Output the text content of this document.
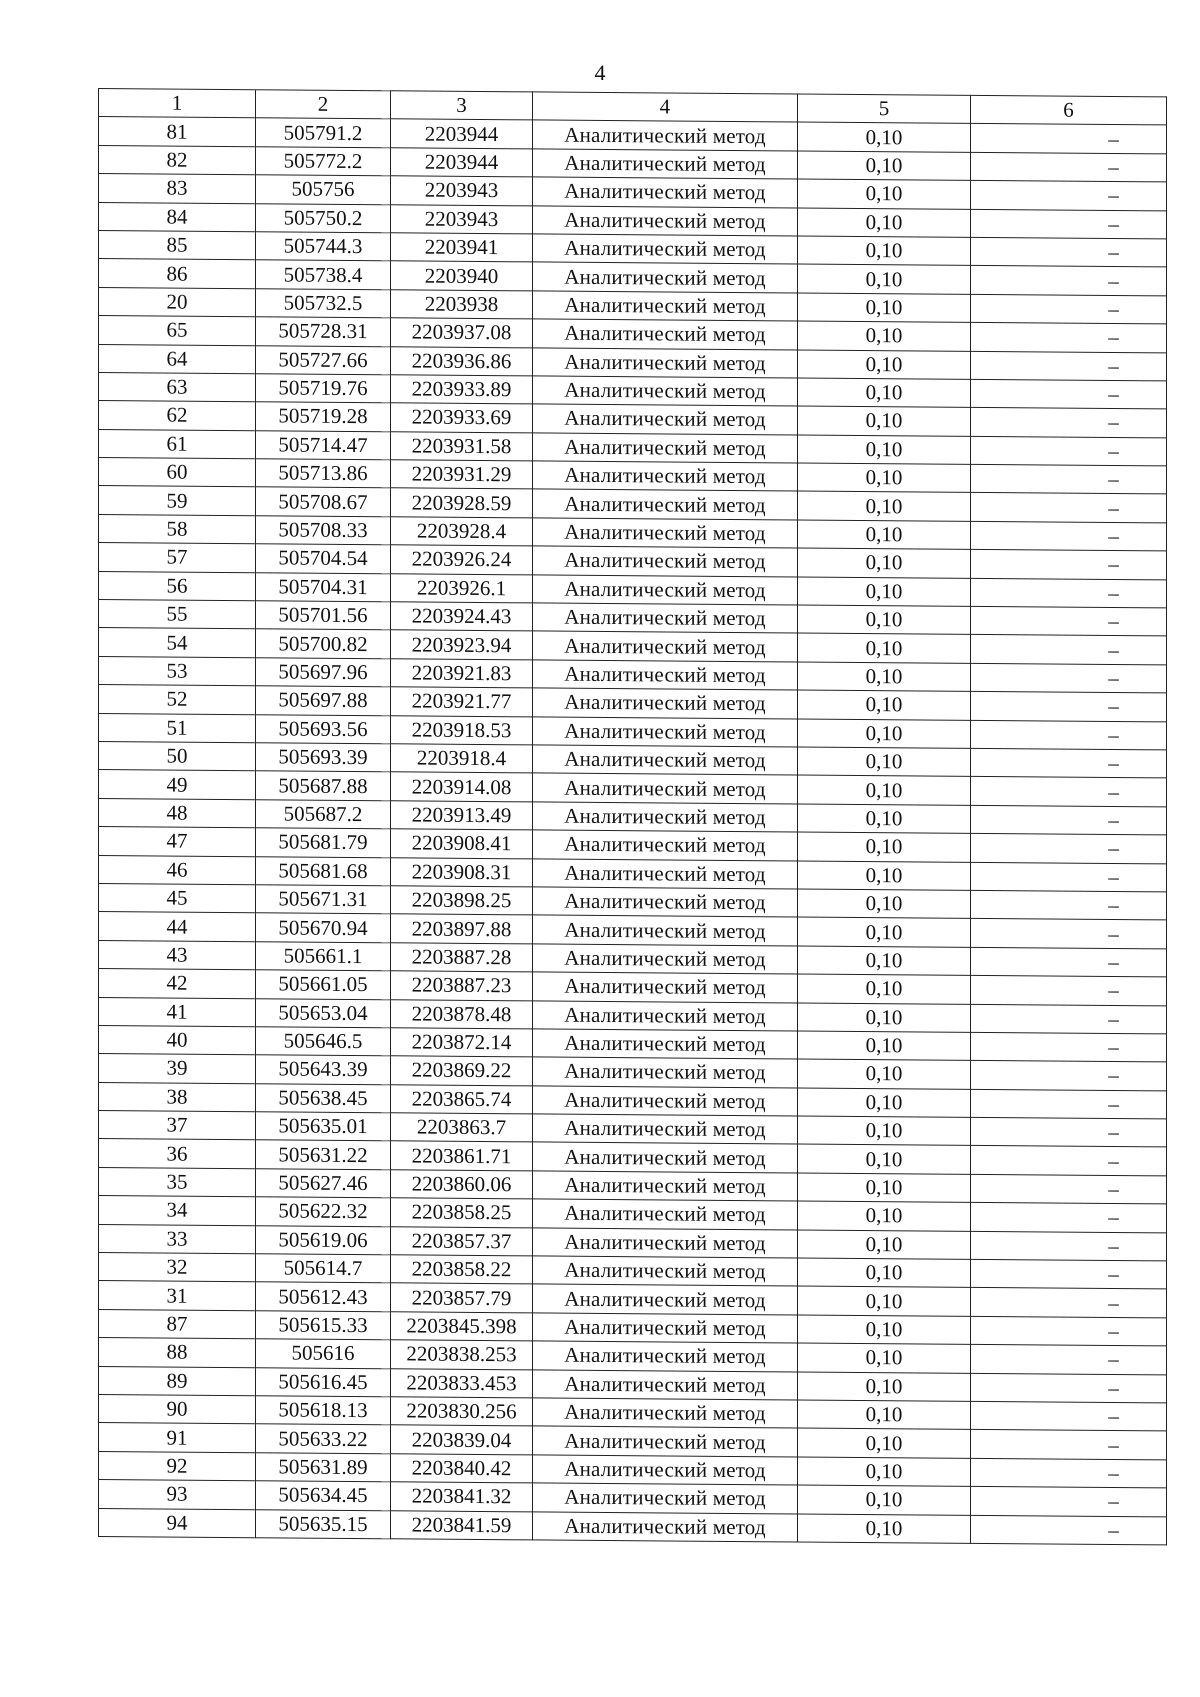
4
1	2	3	4	5	6
81	505791.2	2203944	Аналитический метод	0,10	–
82	505772.2	2203944	Аналитический метод	0,10	–
83	505756	2203943	Аналитический метод	0,10	–
84	505750.2	2203943	Аналитический метод	0,10	–
85	505744.3	2203941	Аналитический метод	0,10	–
86	505738.4	2203940	Аналитический метод	0,10	–
20	505732.5	2203938	Аналитический метод	0,10	–
65	505728.31	2203937.08	Аналитический метод	0,10	–
64	505727.66	2203936.86	Аналитический метод	0,10	–
63	505719.76	2203933.89	Аналитический метод	0,10	–
62	505719.28	2203933.69	Аналитический метод	0,10	–
61	505714.47	2203931.58	Аналитический метод	0,10	–
60	505713.86	2203931.29	Аналитический метод	0,10	–
59	505708.67	2203928.59	Аналитический метод	0,10	–
58	505708.33	2203928.4	Аналитический метод	0,10	–
57	505704.54	2203926.24	Аналитический метод	0,10	–
56	505704.31	2203926.1	Аналитический метод	0,10	–
55	505701.56	2203924.43	Аналитический метод	0,10	–
54	505700.82	2203923.94	Аналитический метод	0,10	–
53	505697.96	2203921.83	Аналитический метод	0,10	–
52	505697.88	2203921.77	Аналитический метод	0,10	–
51	505693.56	2203918.53	Аналитический метод	0,10	–
50	505693.39	2203918.4	Аналитический метод	0,10	–
49	505687.88	2203914.08	Аналитический метод	0,10	–
48	505687.2	2203913.49	Аналитический метод	0,10	–
47	505681.79	2203908.41	Аналитический метод	0,10	–
46	505681.68	2203908.31	Аналитический метод	0,10	–
45	505671.31	2203898.25	Аналитический метод	0,10	–
44	505670.94	2203897.88	Аналитический метод	0,10	–
43	505661.1	2203887.28	Аналитический метод	0,10	–
42	505661.05	2203887.23	Аналитический метод	0,10	–
41	505653.04	2203878.48	Аналитический метод	0,10	–
40	505646.5	2203872.14	Аналитический метод	0,10	–
39	505643.39	2203869.22	Аналитический метод	0,10	–
38	505638.45	2203865.74	Аналитический метод	0,10	–
37	505635.01	2203863.7	Аналитический метод	0,10	–
36	505631.22	2203861.71	Аналитический метод	0,10	–
35	505627.46	2203860.06	Аналитический метод	0,10	–
34	505622.32	2203858.25	Аналитический метод	0,10	–
33	505619.06	2203857.37	Аналитический метод	0,10	–
32	505614.7	2203858.22	Аналитический метод	0,10	–
31	505612.43	2203857.79	Аналитический метод	0,10	–
87	505615.33	2203845.398	Аналитический метод	0,10	–
88	505616	2203838.253	Аналитический метод	0,10	–
89	505616.45	2203833.453	Аналитический метод	0,10	–
90	505618.13	2203830.256	Аналитический метод	0,10	–
91	505633.22	2203839.04	Аналитический метод	0,10	–
92	505631.89	2203840.42	Аналитический метод	0,10	–
93	505634.45	2203841.32	Аналитический метод	0,10	–
94	505635.15	2203841.59	Аналитический метод	0,10	–
